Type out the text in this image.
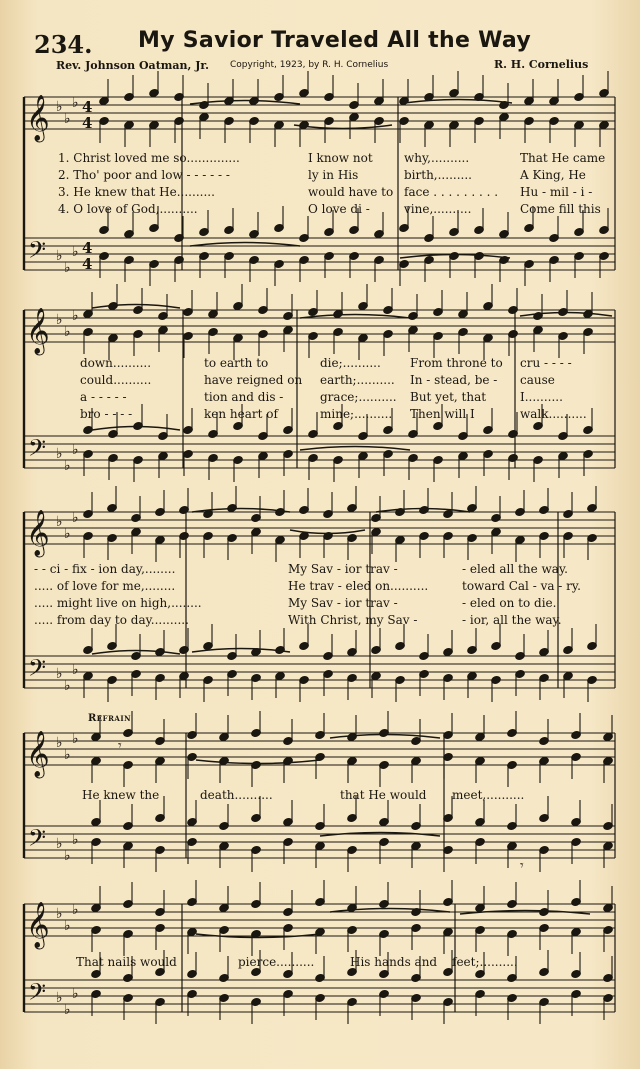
234. My Savior Traveled All the Way
Rev. Johnson Oatman, Jr. Copyright, 1923, by R. H. Cornelius	R. H. Cornelius
𝄞
𝄢
♭
♭
♭
♭
♭
♭
4
4
4
4
𝄞
𝄢
♭
♭
♭
♭
♭
♭
𝄞
𝄢
♭
♭
♭
♭
♭
♭
𝄞
𝄢
♭
♭
♭
♭
♭
♭
𝄾
𝄾
𝄞
𝄢
♭
♭
♭
♭
♭
♭
1. Christ loved me so..............	I know not	why,..........	That He came
2. Tho' poor and low - - - - - -	ly in His	birth,.........	A King, He
3. He knew that He..........	would have to face . . . . . . . . . Hu - mil - i -
4. O love of God,..........	O love di -	vine,..........	Come fill this
down..........	to earth to	die;.......... From throne to cru - - - -
could..........	have reigned on earth;.......... In - stead, be - cause
a - - - - -	tion and dis -	grace;.......... But yet, that	I..........
bro - - - -	ken heart of	mine;.......... Then will I	walk..........
- - ci - fix - ion day,........	My Sav - ior trav -	- eled all the way.
..... of love for me,........	He trav - eled on..........	toward Cal - va - ry.
..... might live on high,........	My Sav - ior trav -	- eled on to die.
..... from day to day..........	With Christ, my Sav -	- ior, all the way.
He knew the	death..........	that He would meet,..........
That nails would	pierce..........	His hands and feet;..........
Refrain
